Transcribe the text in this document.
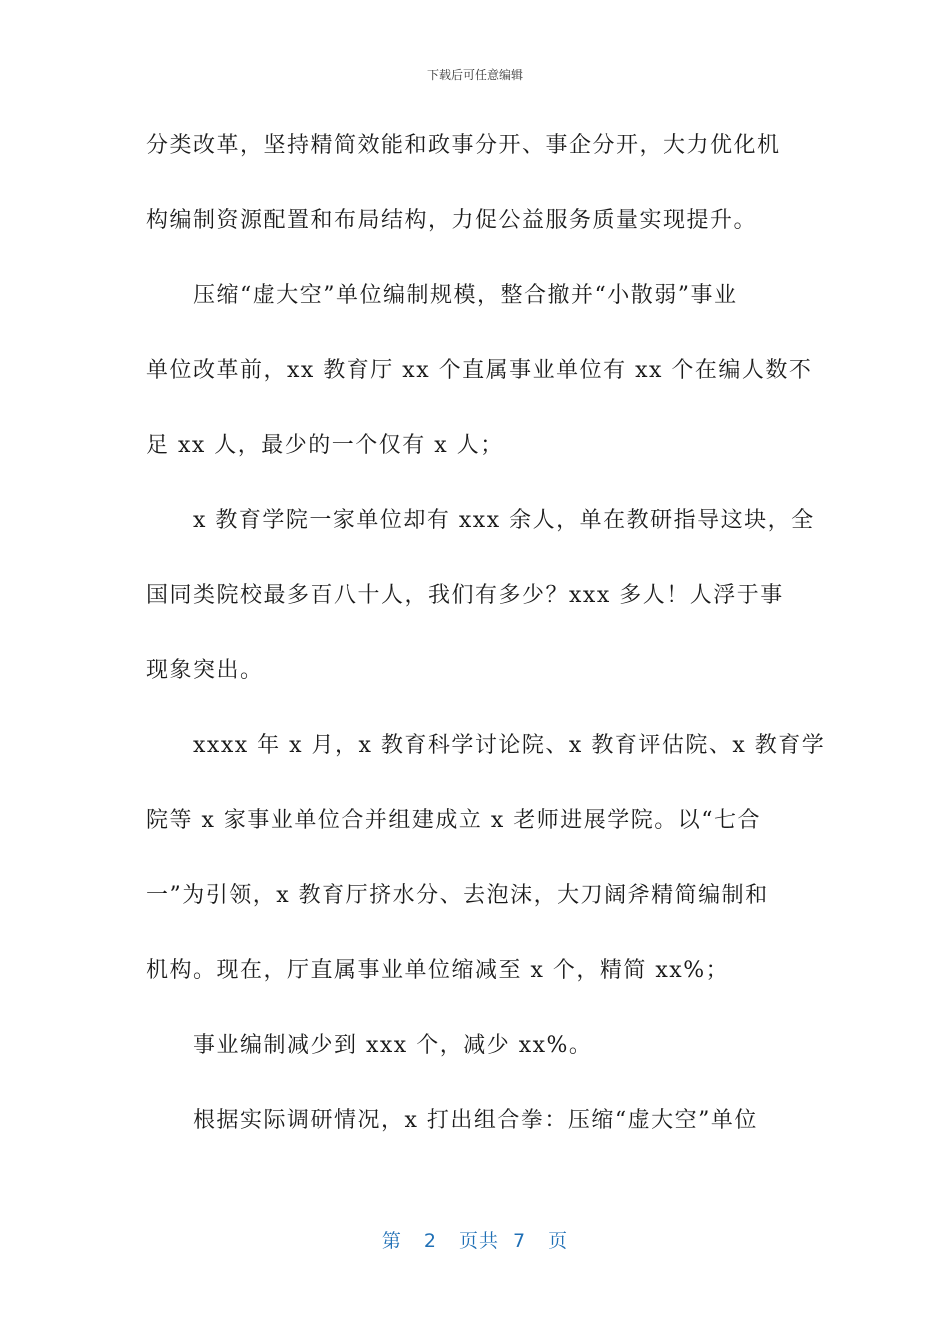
下载后可任意编辑
分类改革，坚持精简效能和政事分开、事企分开，大力优化机
构编制资源配置和布局结构，力促公益服务质量实现提升。
压缩“虚大空”单位编制规模，整合撤并“小散弱”事业
单位改革前，xx 教育厅 xx 个直属事业单位有 xx 个在编人数不
足 xx 人，最少的一个仅有 x 人；
x 教育学院一家单位却有 xxx 余人，单在教研指导这块，全
国同类院校最多百八十人，我们有多少？xxx 多人！人浮于事
现象突出。
xxxx 年 x 月，x 教育科学讨论院、x 教育评估院、x 教育学
院等 x 家事业单位合并组建成立 x 老师进展学院。以“七合
一”为引领，x 教育厅挤水分、去泡沫，大刀阔斧精简编制和
机构。现在，厅直属事业单位缩减至 x 个，精简 xx%；
事业编制减少到 xxx 个，减少 xx%。
根据实际调研情况，x 打出组合拳：压缩“虚大空”单位
第 2 页共 7 页
